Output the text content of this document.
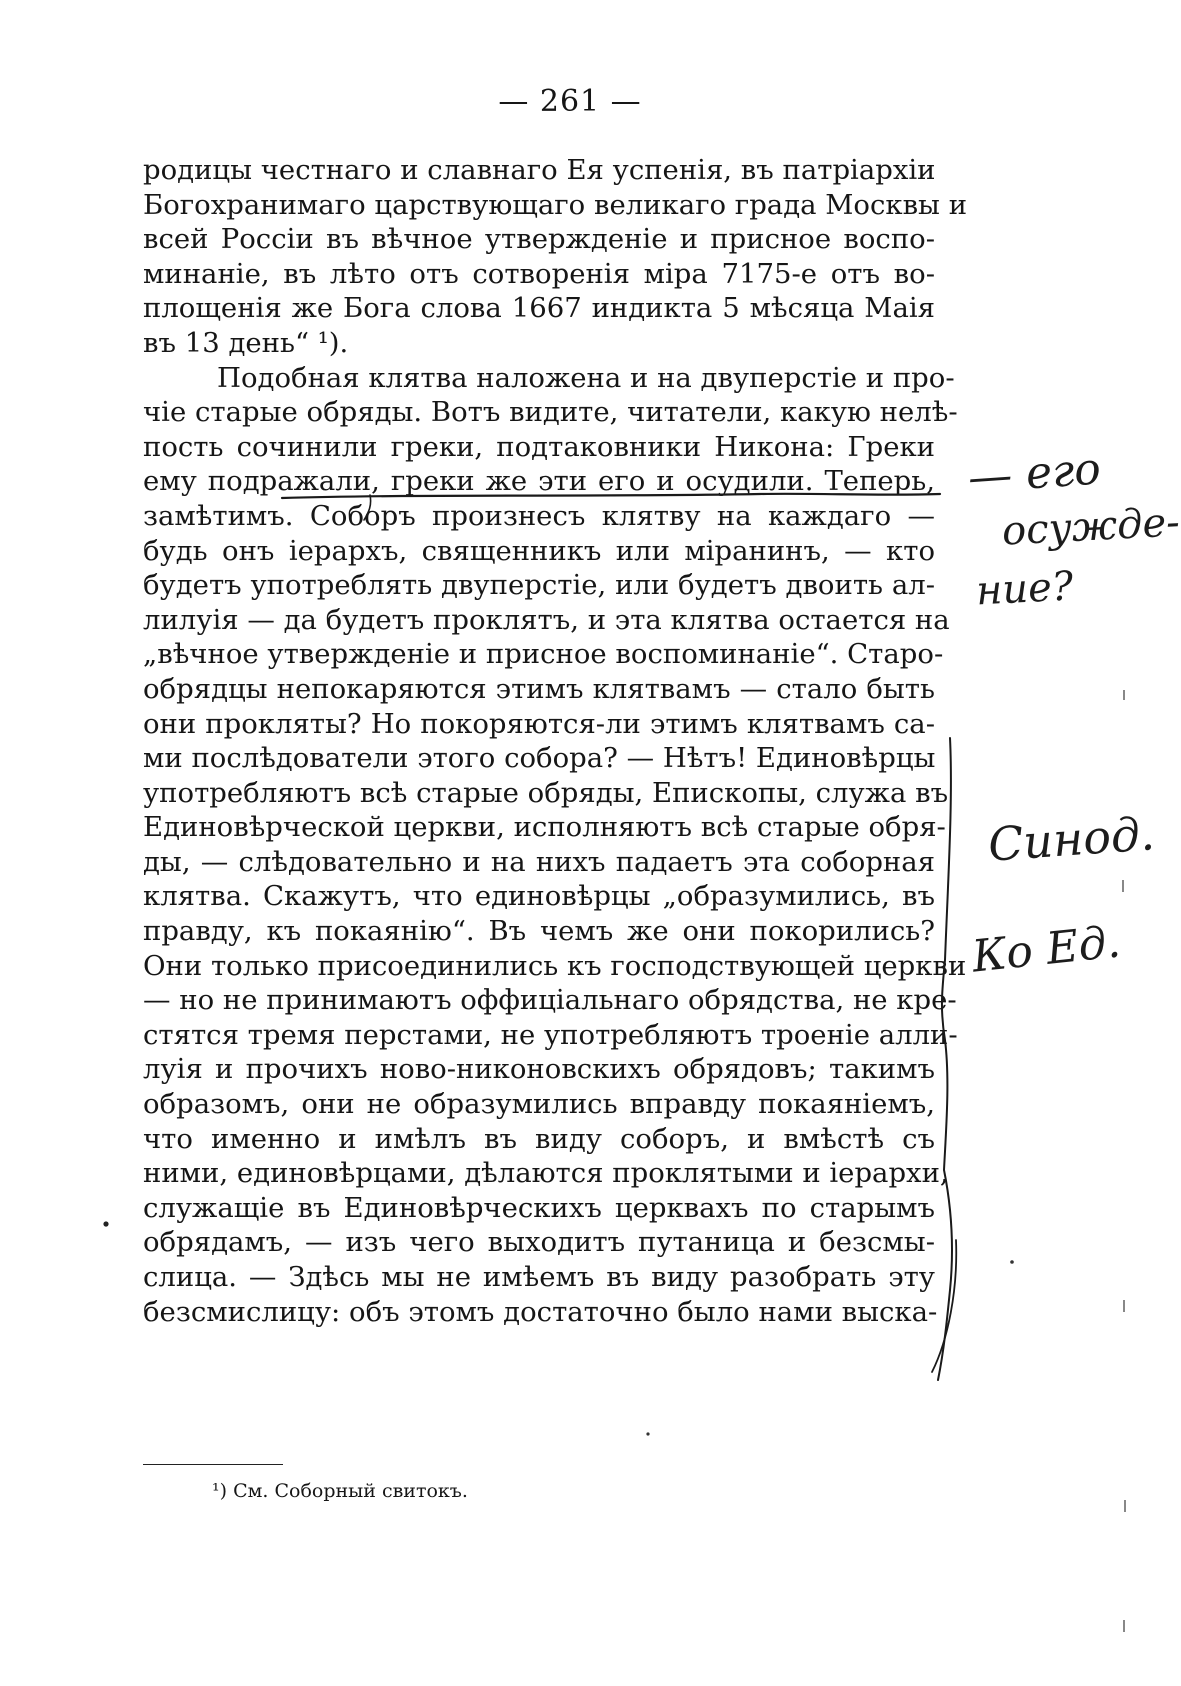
— 261 —
родицы честнаго и славнаго Ея успенія, въ патріархіи
Богохранимаго царствующаго великаго града Москвы и
всей Россіи въ вѣчное утвержденіе и присное воспо-
минаніе, въ лѣто отъ сотворенія міра 7175-е отъ во-
площенія же Бога слова 1667 индикта 5 мѣсяца Маія
въ 13 день“ ¹).
Подобная клятва наложена и на двуперстіе и про-
чіе старые обряды. Вотъ видите, читатели, какую нелѣ-
пость сочинили греки, подтаковники Никона: Греки
ему подражали, греки же эти его и осудили. Теперь,
замѣтимъ. Соборъ произнесъ клятву на каждаго —
будь онъ іерархъ, священникъ или міранинъ, — кто
будетъ употреблять двуперстіе, или будетъ двоить ал-
лилуія — да будетъ проклятъ, и эта клятва остается на
„вѣчное утвержденіе и присное воспоминаніе“. Старо-
обрядцы непокаряются этимъ клятвамъ — стало быть
они прокляты? Но покоряются-ли этимъ клятвамъ са-
ми послѣдователи этого собора? — Нѣтъ! Единовѣрцы
употребляютъ всѣ старые обряды, Епископы, служа въ
Единовѣрческой церкви, исполняютъ всѣ старые обря-
ды, — слѣдовательно и на нихъ падаетъ эта соборная
клятва. Скажутъ, что единовѣрцы „образумились, въ
правду, къ покаянію“. Въ чемъ же они покорились?
Они только присоединились къ господствующей церкви
— но не принимаютъ оффиціальнаго обрядства, не кре-
стятся тремя перстами, не употребляютъ троеніе алли-
луія и прочихъ ново-никоновскихъ обрядовъ; такимъ
образомъ, они не образумились вправду покаяніемъ,
что именно и имѣлъ въ виду соборъ, и вмѣстѣ съ
ними, единовѣрцами, дѣлаются проклятыми и іерархи,
служащіе въ Единовѣрческихъ церквахъ по старымъ
обрядамъ, — изъ чего выходитъ путаница и безсмы-
слица. — Здѣсь мы не имѣемъ въ виду разобрать эту
безсмислицу: объ этомъ достаточно было нами выска-
¹) См. Соборный свитокъ.
— его
осужде-
ние?
Синод.
Ко Ед.
